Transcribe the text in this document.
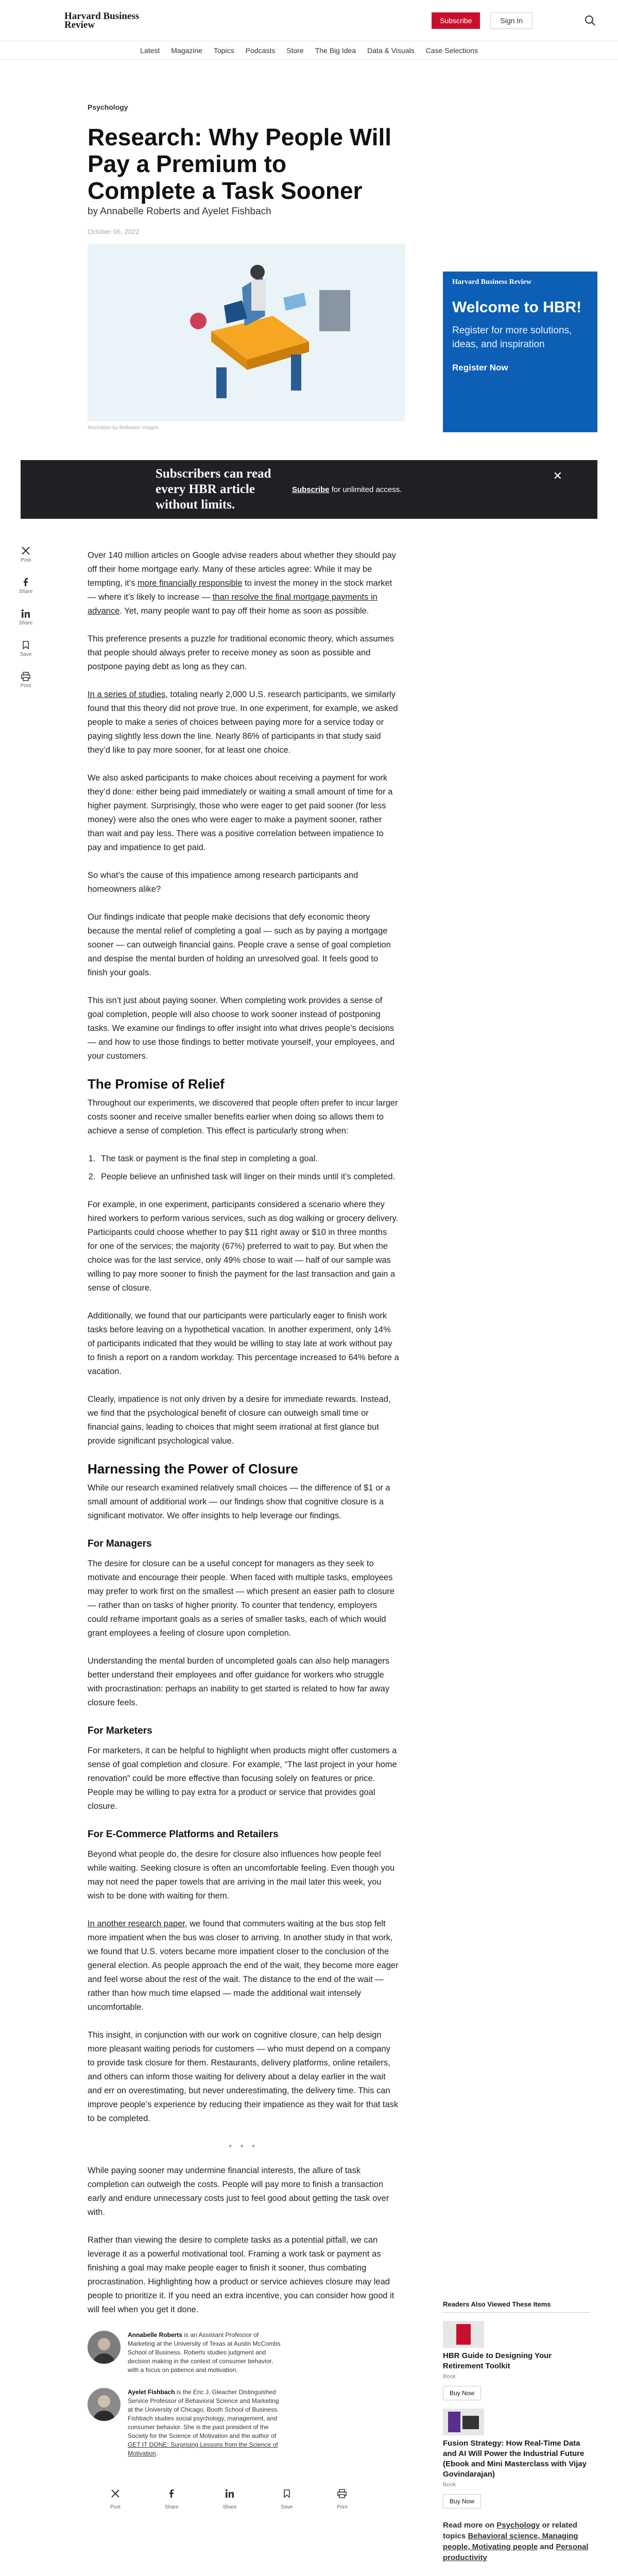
Harvard Business Review	Subscribe	Sign In
Latest Magazine Topics Podcasts Store The Big Idea Data & Visuals Case Selections
Psychology
Research: Why People Will Pay a Premium to Complete a Task Sooner
by Annabelle Roberts and Ayelet Fishbach
October 06, 2022
Illustration by Bellwater Images
Harvard Business Review
Welcome to HBR!

Register for more solutions, ideas, and inspiration

Register Now
Subscribers can read every HBR article without limits.
Subscribe for unlimited access.
✕
Post
Share
Share
Save
Print

Over 140 million articles on Google advise readers about whether they should pay off their home mortgage early. Many of these articles agree: While it may be tempting, it’s more financially responsible to invest the money in the stock market — where it’s likely to increase — than resolve the final mortgage payments in advance. Yet, many people want to pay off their home as soon as possible.

This preference presents a puzzle for traditional economic theory, which assumes that people should always prefer to receive money as soon as possible and postpone paying debt as long as they can.

In a series of studies, totaling nearly 2,000 U.S. research participants, we similarly found that this theory did not prove true. In one experiment, for example, we asked people to make a series of choices between paying more for a service today or paying slightly less down the line. Nearly 86% of participants in that study said they’d like to pay more sooner, for at least one choice.

We also asked participants to make choices about receiving a payment for work they’d done: either being paid immediately or waiting a small amount of time for a higher payment. Surprisingly, those who were eager to get paid sooner (for less money) were also the ones who were eager to make a payment sooner, rather than wait and pay less. There was a positive correlation between impatience to pay and impatience to get paid.

So what’s the cause of this impatience among research participants and homeowners alike?

Our findings indicate that people make decisions that defy economic theory because the mental relief of completing a goal — such as by paying a mortgage sooner — can outweigh financial gains. People crave a sense of goal completion and despise the mental burden of holding an unresolved goal. It feels good to finish your goals.

This isn’t just about paying sooner. When completing work provides a sense of goal completion, people will also choose to work sooner instead of postponing tasks. We examine our findings to offer insight into what drives people’s decisions — and how to use those findings to better motivate yourself, your employees, and your customers.

The Promise of Relief

Throughout our experiments, we discovered that people often prefer to incur larger costs sooner and receive smaller benefits earlier when doing so allows them to achieve a sense of completion. This effect is particularly strong when:

1. The task or payment is the final step in completing a goal.
2. People believe an unfinished task will linger on their minds until it’s completed.

For example, in one experiment, participants considered a scenario where they hired workers to perform various services, such as dog walking or grocery delivery. Participants could choose whether to pay $11 right away or $10 in three months for one of the services; the majority (67%) preferred to wait to pay. But when the choice was for the last service, only 49% chose to wait — half of our sample was willing to pay more sooner to finish the payment for the last transaction and gain a sense of closure.

Additionally, we found that our participants were particularly eager to finish work tasks before leaving on a hypothetical vacation. In another experiment, only 14% of participants indicated that they would be willing to stay late at work without pay to finish a report on a random workday. This percentage increased to 64% before a vacation.

Clearly, impatience is not only driven by a desire for immediate rewards. Instead, we find that the psychological benefit of closure can outweigh small time or financial gains, leading to choices that might seem irrational at first glance but provide significant psychological value.

Harnessing the Power of Closure

While our research examined relatively small choices — the difference of $1 or a small amount of additional work — our findings show that cognitive closure is a significant motivator. We offer insights to help leverage our findings.

For Managers

The desire for closure can be a useful concept for managers as they seek to motivate and encourage their people. When faced with multiple tasks, employees may prefer to work first on the smallest — which present an easier path to closure — rather than on tasks of higher priority. To counter that tendency, employers could reframe important goals as a series of smaller tasks, each of which would grant employees a feeling of closure upon completion.

Understanding the mental burden of uncompleted goals can also help managers better understand their employees and offer guidance for workers who struggle with procrastination: perhaps an inability to get started is related to how far away closure feels.

For Marketers

For marketers, it can be helpful to highlight when products might offer customers a sense of goal completion and closure. For example, “The last project in your home renovation” could be more effective than focusing solely on features or price. People may be willing to pay extra for a product or service that provides goal closure.

For E-Commerce Platforms and Retailers

Beyond what people do, the desire for closure also influences how people feel while waiting. Seeking closure is often an uncomfortable feeling. Even though you may not need the paper towels that are arriving in the mail later this week, you wish to be done with waiting for them.

In another research paper, we found that commuters waiting at the bus stop felt more impatient when the bus was closer to arriving. In another study in that work, we found that U.S. voters became more impatient closer to the conclusion of the general election. As people approach the end of the wait, they become more eager and feel worse about the rest of the wait. The distance to the end of the wait — rather than how much time elapsed — made the additional wait intensely uncomfortable.

This insight, in conjunction with our work on cognitive closure, can help design more pleasant waiting periods for customers — who must depend on a company to provide task closure for them. Restaurants, delivery platforms, online retailers, and others can inform those waiting for delivery about a delay earlier in the wait and err on overestimating, but never underestimating, the delivery time. This can improve people’s experience by reducing their impatience as they wait for that task to be completed.

• • •

While paying sooner may undermine financial interests, the allure of task completion can outweigh the costs. People will pay more to finish a transaction early and endure unnecessary costs just to feel good about getting the task over with.

Rather than viewing the desire to complete tasks as a potential pitfall, we can leverage it as a powerful motivational tool. Framing a work task or payment as finishing a goal may make people eager to finish it sooner, thus combating procrastination. Highlighting how a product or service achieves closure may lead people to prioritize it. If you need an extra incentive, you can consider how good it will feel when you get it done.

Annabelle Roberts is an Assistant Professor of Marketing at the University of Texas at Austin McCombs School of Business. Roberts studies judgment and decision making in the context of consumer behavior, with a focus on patience and motivation.
Ayelet Fishbach is the Eric J. Gleacher Distinguished Service Professor of Behavioral Science and Marketing at the University of Chicago, Booth School of Business. Fishbach studies social psychology, management, and consumer behavior. She is the past president of the Society for the Science of Motivation and the author of GET IT DONE: Surprising Lessons from the Science of Motivation.
Post	Share	Share	Save	Print
Readers Also Viewed These Items
HBR Guide to Designing Your Retirement Toolkit
Book
Buy Now
Fusion Strategy: How Real-Time Data and AI Will Power the Industrial Future (Ebook and Mini Masterclass with Vijay Govindarajan)
Book
Buy Now
Read more on Psychology or related topics Behavioral science, Managing people, Motivating people and Personal productivity
